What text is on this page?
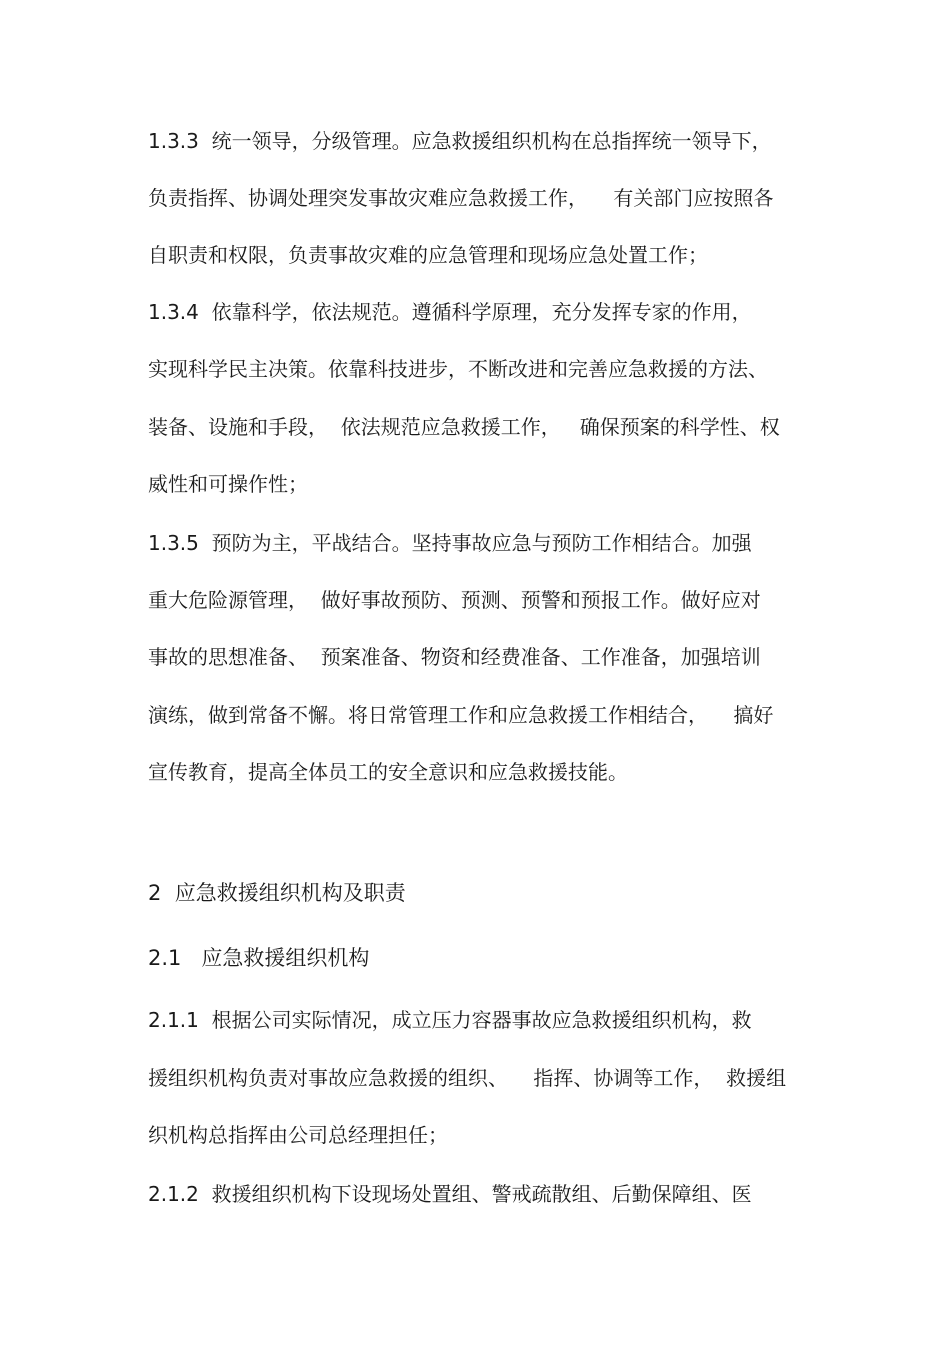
1.3.3  统一领导，分级管理。应急救援组织机构在总指挥统一领导下，

负责指挥、协调处理突发事故灾难应急救援工作，    有关部门应按照各

自职责和权限，负责事故灾难的应急管理和现场应急处置工作；

1.3.4  依靠科学，依法规范。遵循科学原理，充分发挥专家的作用，

实现科学民主决策。依靠科技进步，不断改进和完善应急救援的方法、

装备、设施和手段，  依法规范应急救援工作，   确保预案的科学性、权

威性和可操作性；

1.3.5  预防为主，平战结合。坚持事故应急与预防工作相结合。加强

重大危险源管理，  做好事故预防、预测、预警和预报工作。做好应对

事故的思想准备、  预案准备、物资和经费准备、工作准备，加强培训

演练，做到常备不懈。将日常管理工作和应急救援工作相结合，    搞好

宣传教育，提高全体员工的安全意识和应急救援技能。

2  应急救援组织机构及职责

2.1   应急救援组织机构

2.1.1  根据公司实际情况，成立压力容器事故应急救援组织机构，救

援组织机构负责对事故应急救援的组织、    指挥、协调等工作，  救援组

织机构总指挥由公司总经理担任；

2.1.2  救援组织机构下设现场处置组、警戒疏散组、后勤保障组、医
